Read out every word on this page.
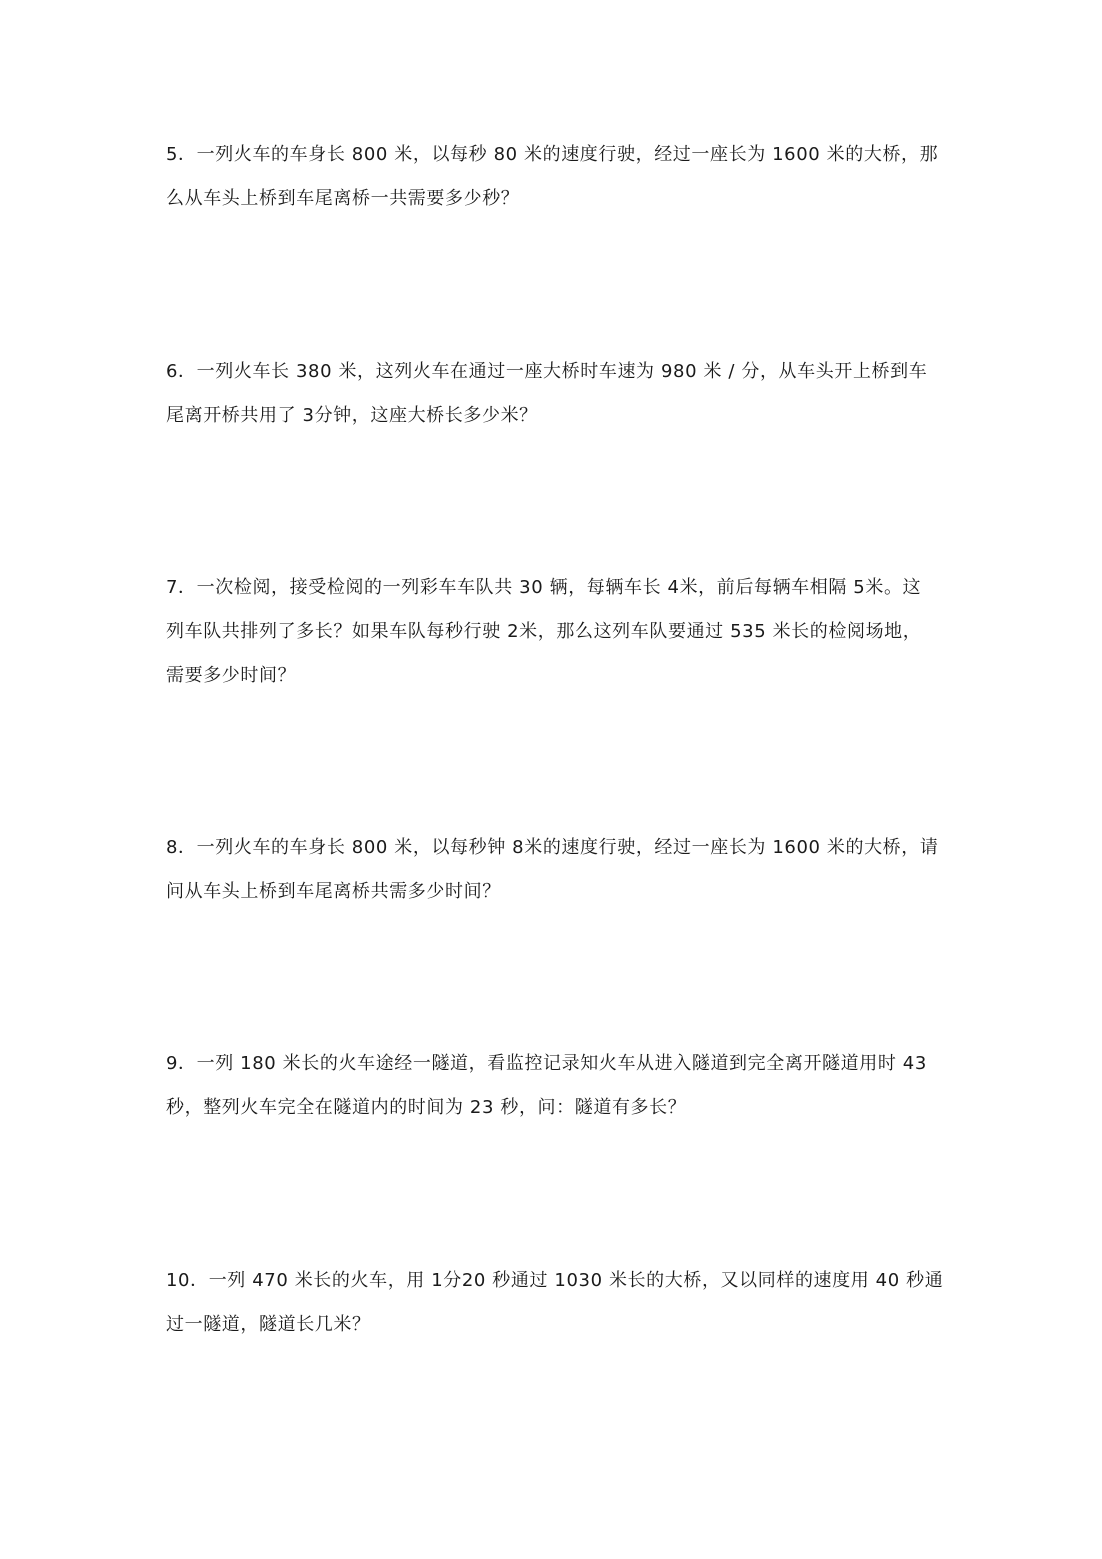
5．一列火车的车身长 800 米，以每秒 80 米的速度行驶，经过一座长为 1600 米的大桥，那
么从车头上桥到车尾离桥一共需要多少秒？
6．一列火车长 380 米，这列火车在通过一座大桥时车速为 980 米 / 分，从车头开上桥到车
尾离开桥共用了 3分钟，这座大桥长多少米？
7．一次检阅，接受检阅的一列彩车车队共 30 辆，每辆车长 4米，前后每辆车相隔 5米。这
列车队共排列了多长？如果车队每秒行驶 2米，那么这列车队要通过 535 米长的检阅场地，
需要多少时间？
8．一列火车的车身长 800 米，以每秒钟 8米的速度行驶，经过一座长为 1600 米的大桥，请
问从车头上桥到车尾离桥共需多少时间？
9．一列 180 米长的火车途经一隧道，看监控记录知火车从进入隧道到完全离开隧道用时 43
秒，整列火车完全在隧道内的时间为 23 秒，问：隧道有多长？
10．一列 470 米长的火车，用 1分20 秒通过 1030 米长的大桥，又以同样的速度用 40 秒通
过一隧道，隧道长几米？
